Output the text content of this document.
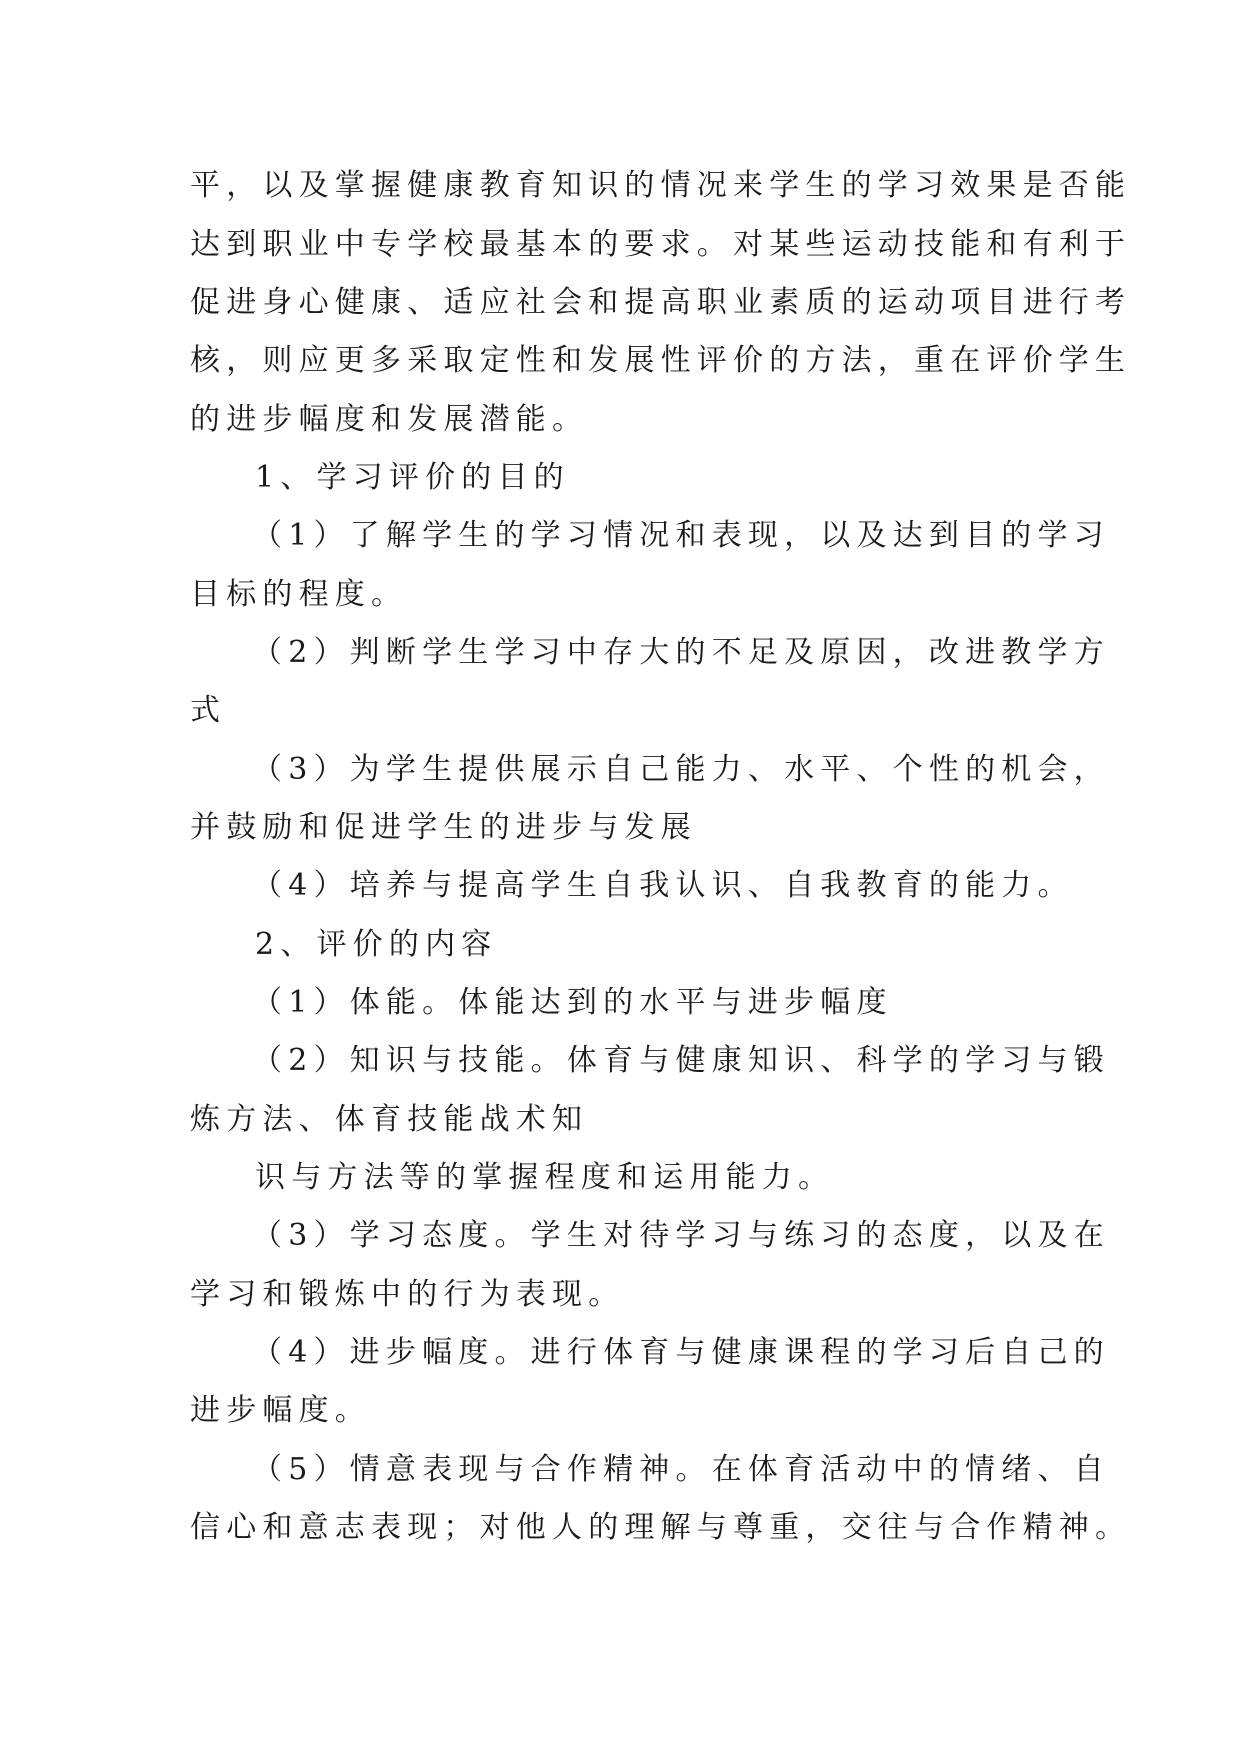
平，以及掌握健康教育知识的情况来学生的学习效果是否能
达到职业中专学校最基本的要求。对某些运动技能和有利于
促进身心健康、适应社会和提高职业素质的运动项目进行考
核，则应更多采取定性和发展性评价的方法，重在评价学生
的进步幅度和发展潜能。
1、学习评价的目的
（1）了解学生的学习情况和表现，以及达到目的学习
目标的程度。
（2）判断学生学习中存大的不足及原因，改进教学方
式
（3）为学生提供展示自己能力、水平、个性的机会，
并鼓励和促进学生的进步与发展
（4）培养与提高学生自我认识、自我教育的能力。
2、评价的内容
（1）体能。体能达到的水平与进步幅度
（2）知识与技能。体育与健康知识、科学的学习与锻
炼方法、体育技能战术知
识与方法等的掌握程度和运用能力。
（3）学习态度。学生对待学习与练习的态度，以及在
学习和锻炼中的行为表现。
（4）进步幅度。进行体育与健康课程的学习后自己的
进步幅度。
（5）情意表现与合作精神。在体育活动中的情绪、自
信心和意志表现；对他人的理解与尊重，交往与合作精神。
